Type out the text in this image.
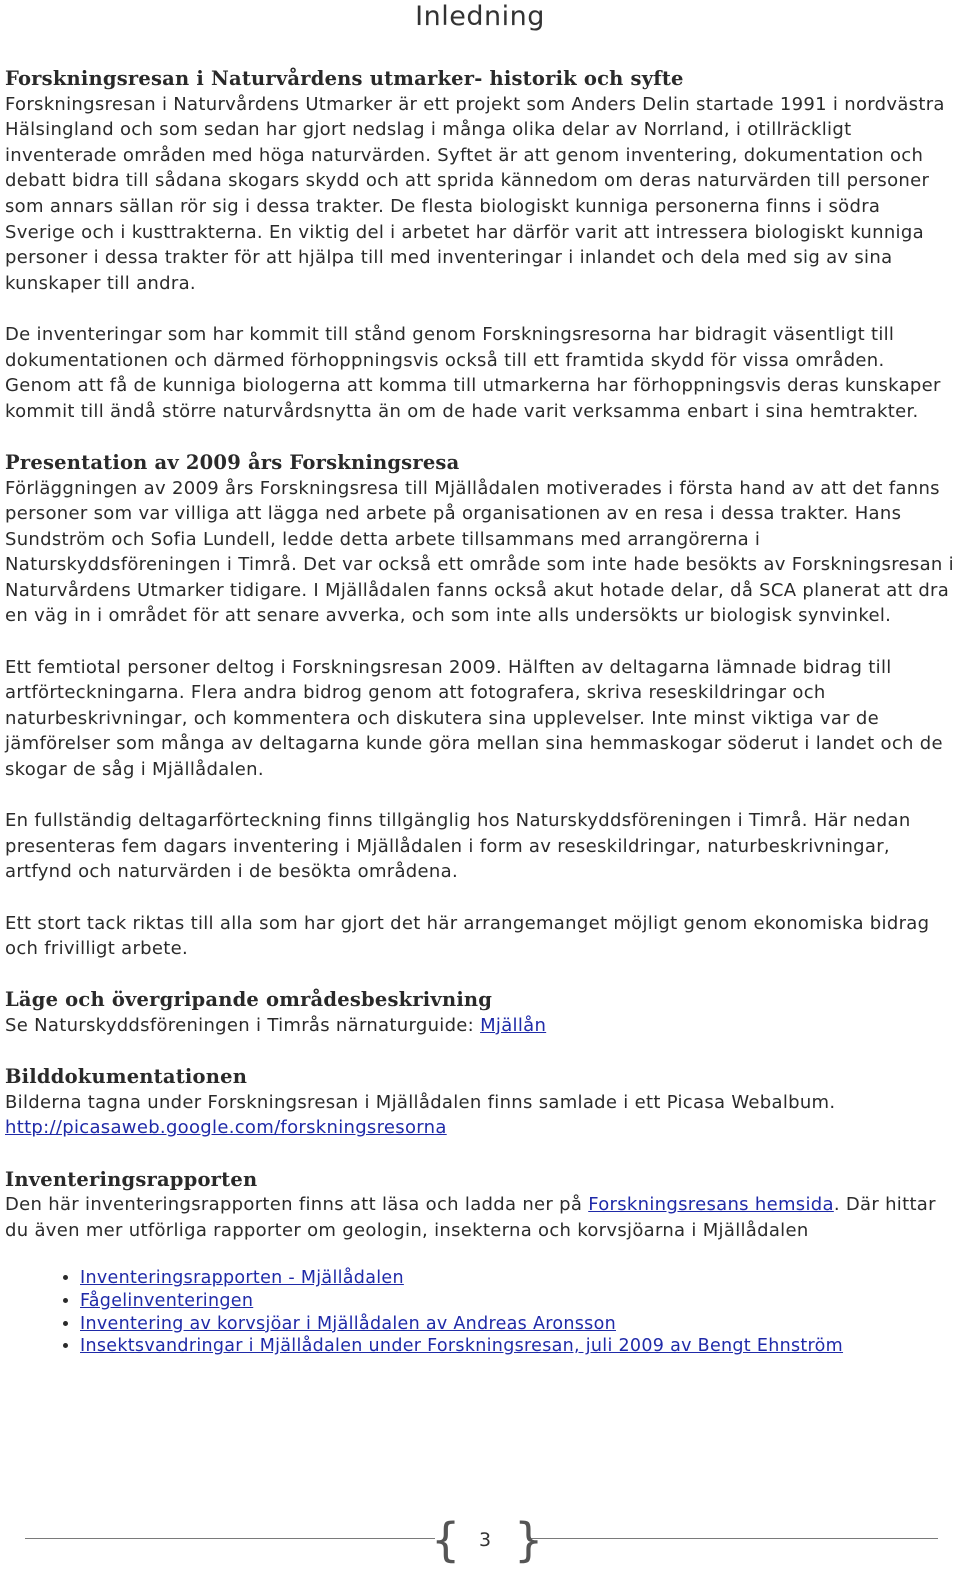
Inledning
Forskningsresan i Naturvårdens utmarker- historik och syfte

Forskningsresan i Naturvårdens Utmarker är ett projekt som Anders Delin startade 1991 i nordvästra Hälsingland och som sedan har gjort nedslag i många olika delar av Norrland, i otillräckligt inventerade områden med höga naturvärden. Syftet är att genom inventering, dokumentation och debatt bidra till sådana skogars skydd och att sprida kännedom om deras naturvärden till personer som annars sällan rör sig i dessa trakter. De flesta biologiskt kunniga personerna finns i södra Sverige och i kusttrakterna. En viktig del i arbetet har därför varit att intressera biologiskt kunniga personer i dessa trakter för att hjälpa till med inventeringar i inlandet och dela med sig av sina kunskaper till andra.

De inventeringar som har kommit till stånd genom Forskningsresorna har bidragit väsentligt till dokumentationen och därmed förhoppningsvis också till ett framtida skydd för vissa områden. Genom att få de kunniga biologerna att komma till utmarkerna har förhoppningsvis deras kunskaper kommit till ändå större naturvårdsnytta än om de hade varit verksamma enbart i sina hemtrakter.

Presentation av 2009 års Forskningsresa

Förläggningen av 2009 års Forskningsresa till Mjällådalen motiverades i första hand av att det fanns personer som var villiga att lägga ned arbete på organisationen av en resa i dessa trakter. Hans Sundström och Sofia Lundell, ledde detta arbete tillsammans med arrangörerna i Naturskyddsföreningen i Timrå. Det var också ett område som inte hade besökts av Forskningsresan i Naturvårdens Utmarker tidigare. I Mjällådalen fanns också akut hotade delar, då SCA planerat att dra en väg in i området för att senare avverka, och som inte alls undersökts ur biologisk synvinkel.

Ett femtiotal personer deltog i Forskningsresan 2009. Hälften av deltagarna lämnade bidrag till artförteckningarna. Flera andra bidrog genom att fotografera, skriva reseskildringar och naturbeskrivningar, och kommentera och diskutera sina upplevelser. Inte minst viktiga var de jämförelser som många av deltagarna kunde göra mellan sina hemmaskogar söderut i landet och de skogar de såg i Mjällådalen.

En fullständig deltagarförteckning finns tillgänglig hos Naturskyddsföreningen i Timrå. Här nedan presenteras fem dagars inventering i Mjällådalen i form av reseskildringar, naturbeskrivningar, artfynd och naturvärden i de besökta områdena.

Ett stort tack riktas till alla som har gjort det här arrangemanget möjligt genom ekonomiska bidrag och frivilligt arbete.

Läge och övergripande områdesbeskrivning

Se Naturskyddsföreningen i Timrås närnaturguide: Mjällån

Bilddokumentationen

Bilderna tagna under Forskningsresan i Mjällådalen finns samlade i ett Picasa Webalbum.

http://picasaweb.google.com/forskningsresorna

Inventeringsrapporten

Den här inventeringsrapporten finns att läsa och ladda ner på Forskningsresans hemsida. Där hittar du även mer utförliga rapporter om geologin, insekterna och korvsjöarna i Mjällådalen

• Inventeringsrapporten - Mjällådalen
• Fågelinventeringen
• Inventering av korvsjöar i Mjällådalen av Andreas Aronsson
• Insektsvandringar i Mjällådalen under Forskningsresan, juli 2009 av Bengt Ehnström
{ 3 }
